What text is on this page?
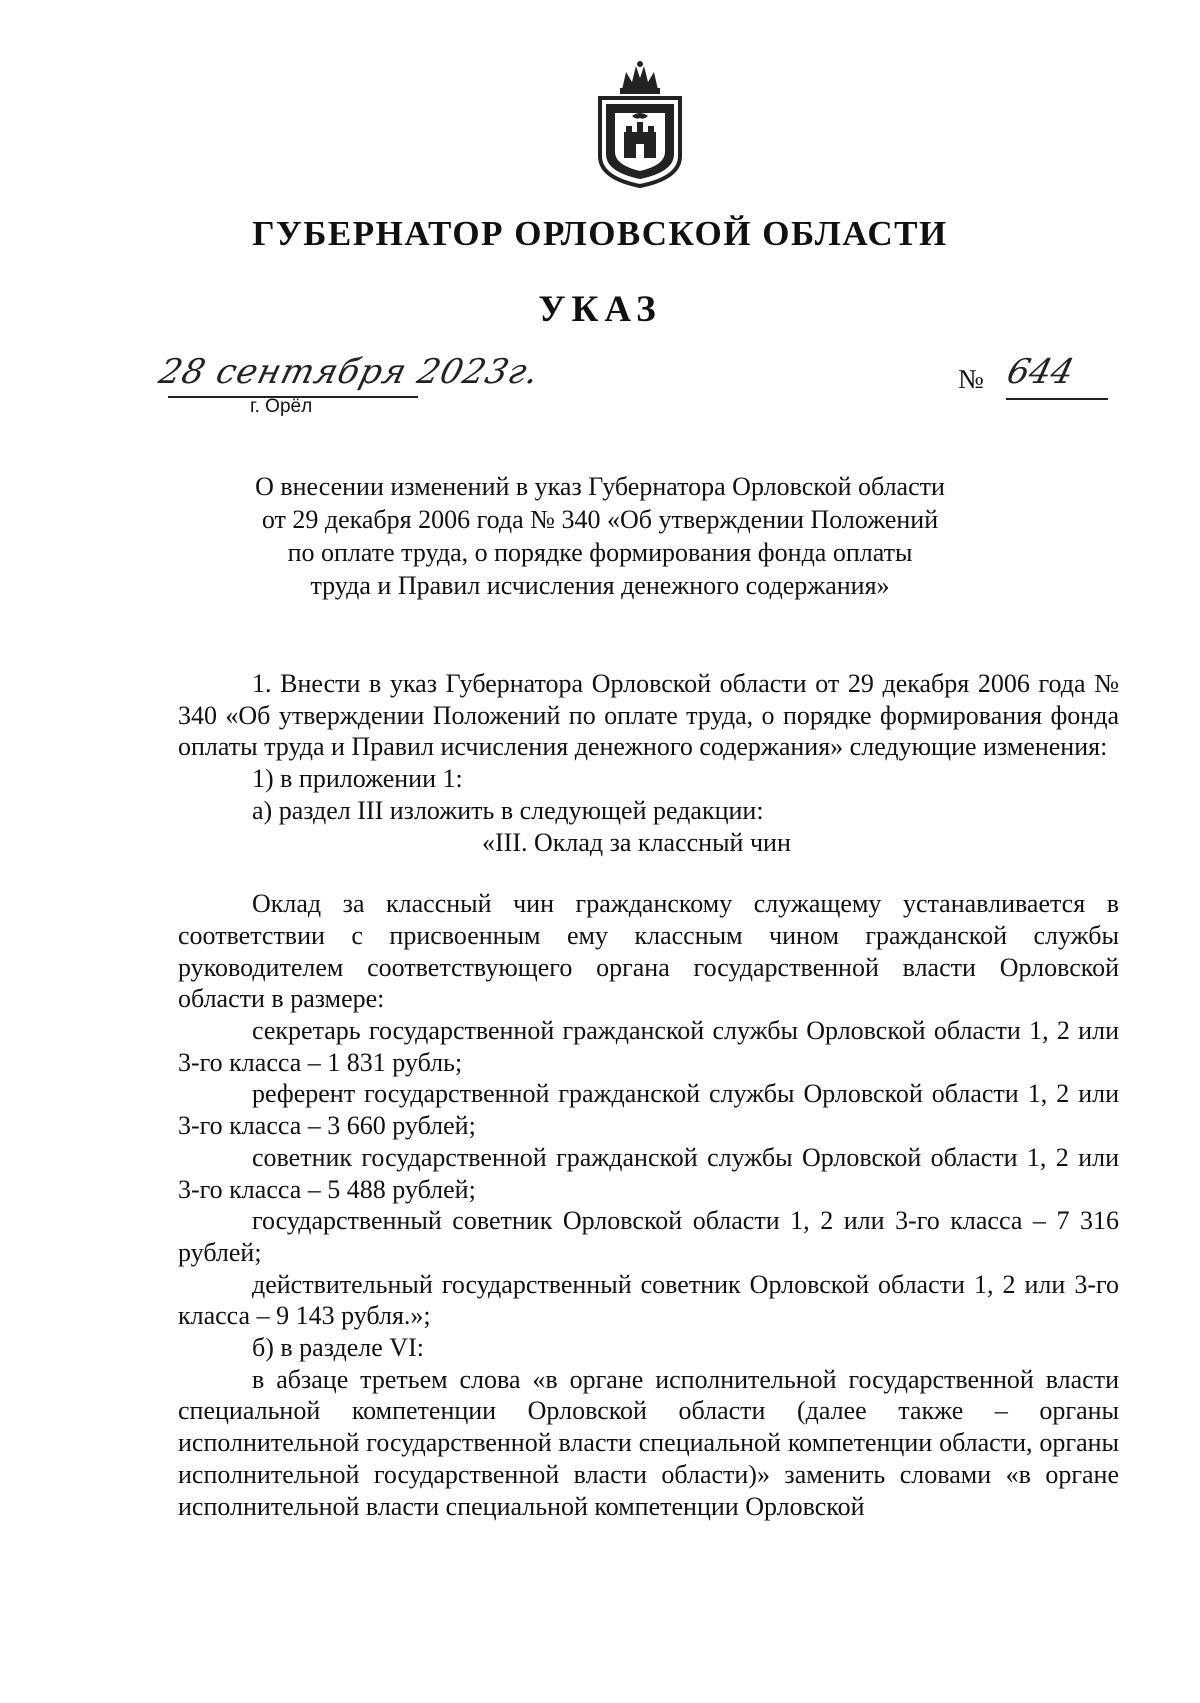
ГУБЕРНАТОР ОРЛОВСКОЙ ОБЛАСТИ
УКАЗ
28 сентября 2023г.
г. Орёл
№ 644
О внесении изменений в указ Губернатора Орловской области
от 29 декабря 2006 года № 340 «Об утверждении Положений
по оплате труда, о порядке формирования фонда оплаты
труда и Правил исчисления денежного содержания»

1. Внести в указ Губернатора Орловской области от 29 декабря 2006 года № 340 «Об утверждении Положений по оплате труда, о порядке формирования фонда оплаты труда и Правил исчисления денежного содержания» следующие изменения:

1) в приложении 1:

а) раздел III изложить в следующей редакции:

«III. Оклад за классный чин

Оклад за классный чин гражданскому служащему устанавливается в соответствии с присвоенным ему классным чином гражданской службы руководителем соответствующего органа государственной власти Орловской области в размере:

секретарь государственной гражданской службы Орловской области 1, 2 или 3-го класса – 1 831 рубль;

референт государственной гражданской службы Орловской области 1, 2 или 3-го класса – 3 660 рублей;

советник государственной гражданской службы Орловской области 1, 2 или 3-го класса – 5 488 рублей;

государственный советник Орловской области 1, 2 или 3-го класса – 7 316 рублей;

действительный государственный советник Орловской области 1, 2 или 3-го класса – 9 143 рубля.»;

б) в разделе VI:

в абзаце третьем слова «в органе исполнительной государственной власти специальной компетенции Орловской области (далее также – органы исполнительной государственной власти специальной компетенции области, органы исполнительной государственной власти области)» заменить словами «в органе исполнительной власти специальной компетенции Орловской
